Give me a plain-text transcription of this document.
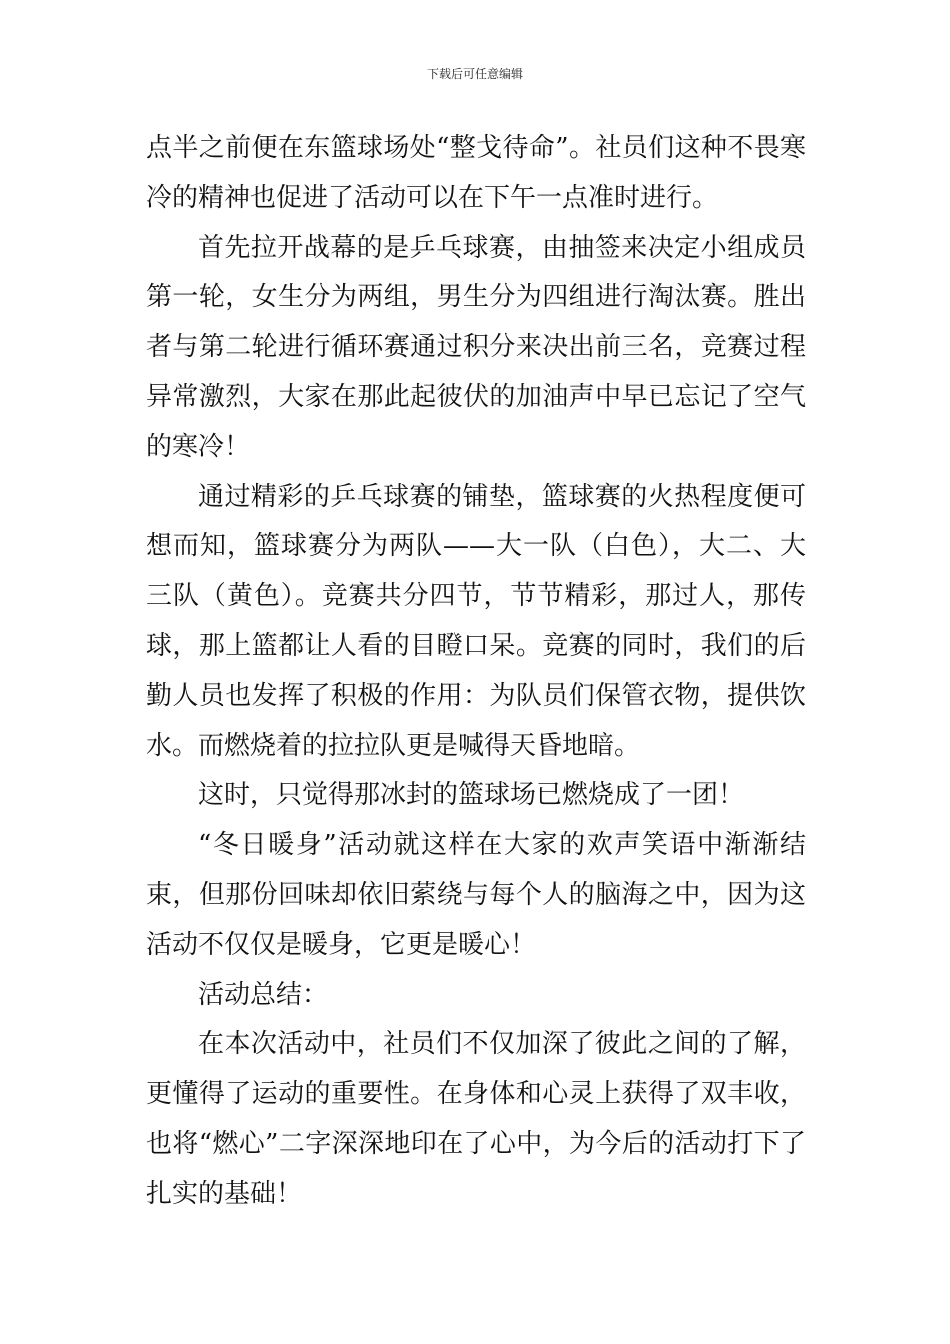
下载后可任意编辑

点半之前便在东篮球场处“整戈待命”。社员们这种不畏寒冷的精神也促进了活动可以在下午一点准时进行。

首先拉开战幕的是乒乓球赛，由抽签来决定小组成员第一轮，女生分为两组，男生分为四组进行淘汰赛。胜出者与第二轮进行循环赛通过积分来决出前三名，竞赛过程异常激烈，大家在那此起彼伏的加油声中早已忘记了空气的寒冷！

通过精彩的乒乓球赛的铺垫，篮球赛的火热程度便可想而知，篮球赛分为两队——大一队（白色），大二、大三队（黄色）。竞赛共分四节，节节精彩，那过人，那传球，那上篮都让人看的目瞪口呆。竞赛的同时，我们的后勤人员也发挥了积极的作用：为队员们保管衣物，提供饮水。而燃烧着的拉拉队更是喊得天昏地暗。

这时，只觉得那冰封的篮球场已燃烧成了一团！

“冬日暖身”活动就这样在大家的欢声笑语中渐渐结束，但那份回味却依旧萦绕与每个人的脑海之中，因为这活动不仅仅是暖身，它更是暖心！

活动总结：

在本次活动中，社员们不仅加深了彼此之间的了解，更懂得了运动的重要性。在身体和心灵上获得了双丰收，也将“燃心”二字深深地印在了心中，为今后的活动打下了扎实的基础！
